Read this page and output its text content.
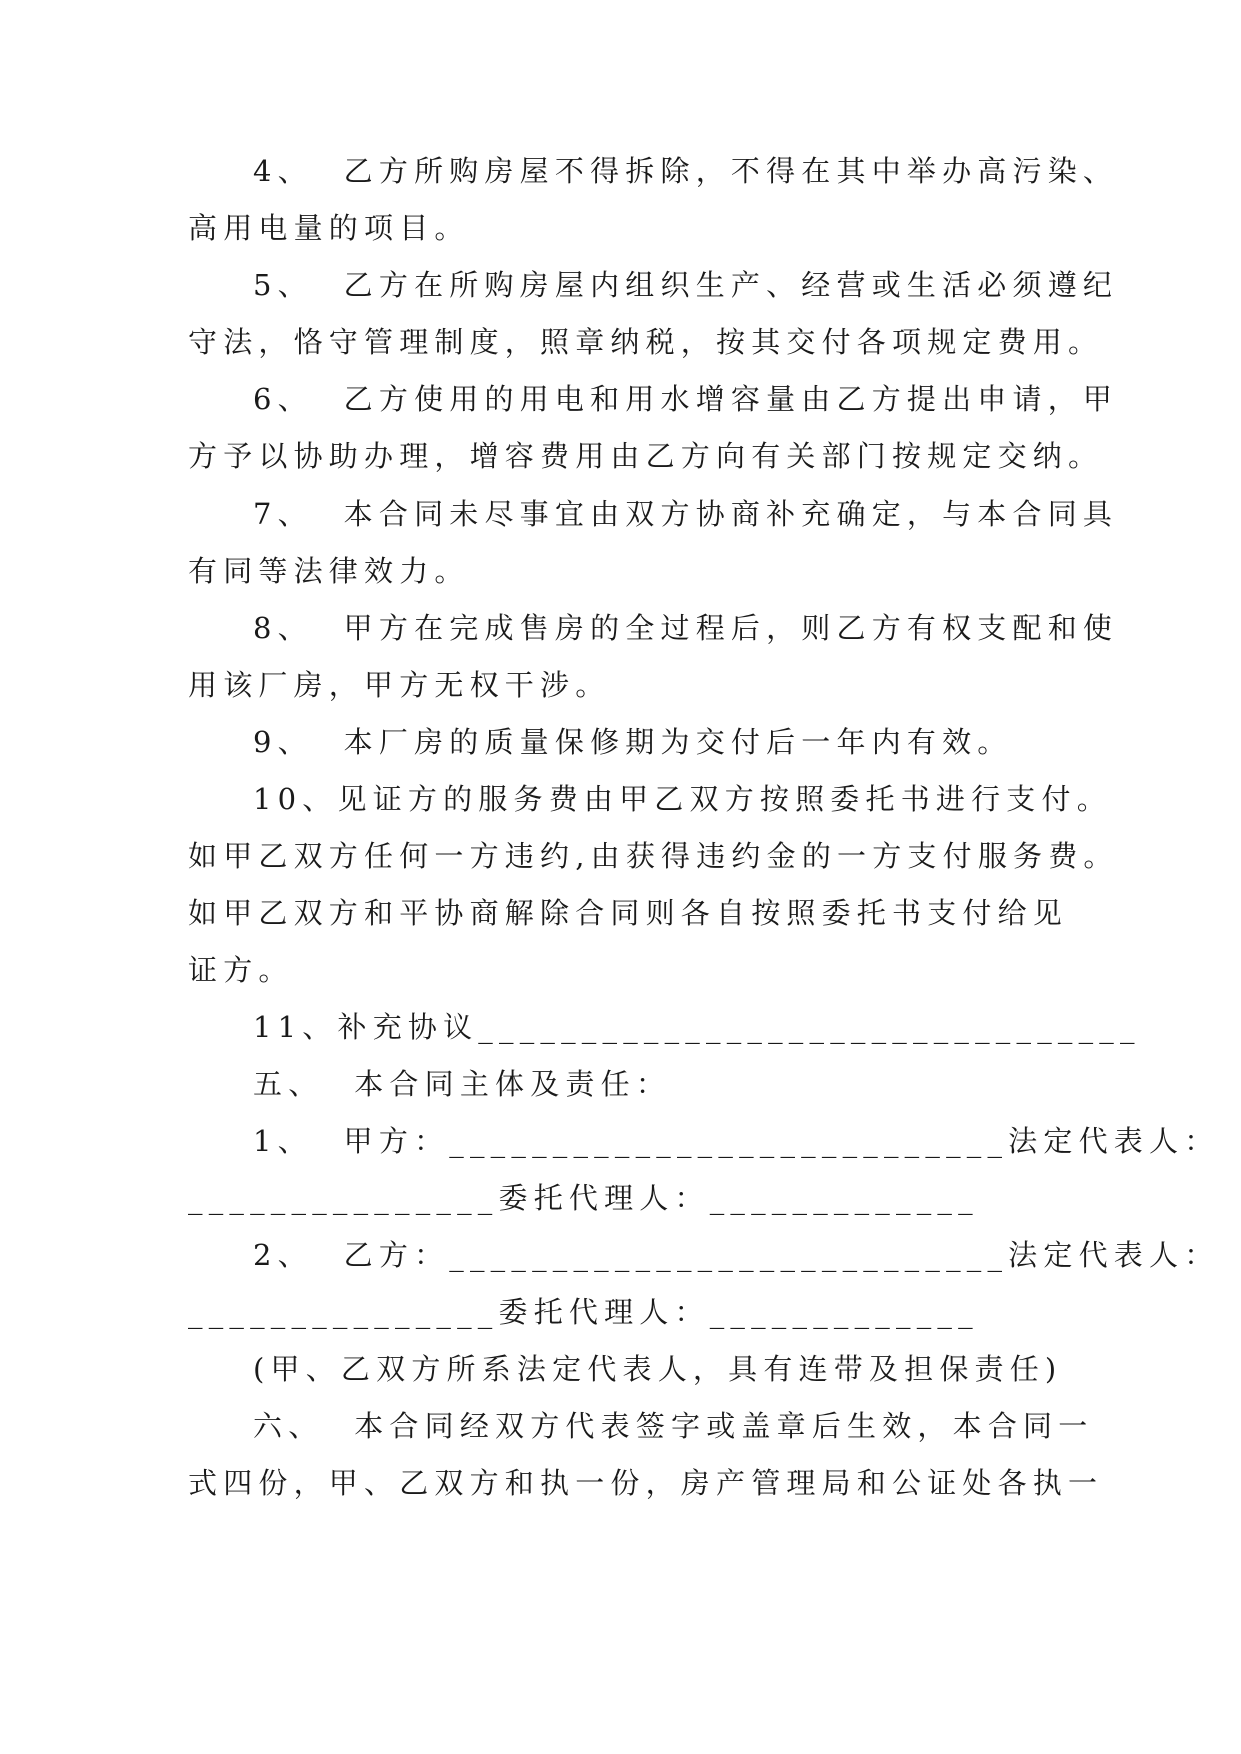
4、  乙方所购房屋不得拆除，不得在其中举办高污染、
高用电量的项目。
5、  乙方在所购房屋内组织生产、经营或生活必须遵纪
守法，恪守管理制度，照章纳税，按其交付各项规定费用。
6、  乙方使用的用电和用水增容量由乙方提出申请，甲
方予以协助办理，增容费用由乙方向有关部门按规定交纳。
7、  本合同未尽事宜由双方协商补充确定，与本合同具
有同等法律效力。
8、  甲方在完成售房的全过程后，则乙方有权支配和使
用该厂房，甲方无权干涉。
9、  本厂房的质量保修期为交付后一年内有效。
10、见证方的服务费由甲乙双方按照委托书进行支付。
如甲乙双方任何一方违约,由获得违约金的一方支付服务费。
如甲乙双方和平协商解除合同则各自按照委托书支付给见
证方。
11、补充协议________________________________
五、  本合同主体及责任：
1、  甲方：___________________________法定代表人：
_______________委托代理人：_____________
2、  乙方：___________________________法定代表人：
_______________委托代理人：_____________
(甲、乙双方所系法定代表人，具有连带及担保责任)
六、  本合同经双方代表签字或盖章后生效，本合同一
式四份，甲、乙双方和执一份，房产管理局和公证处各执一
